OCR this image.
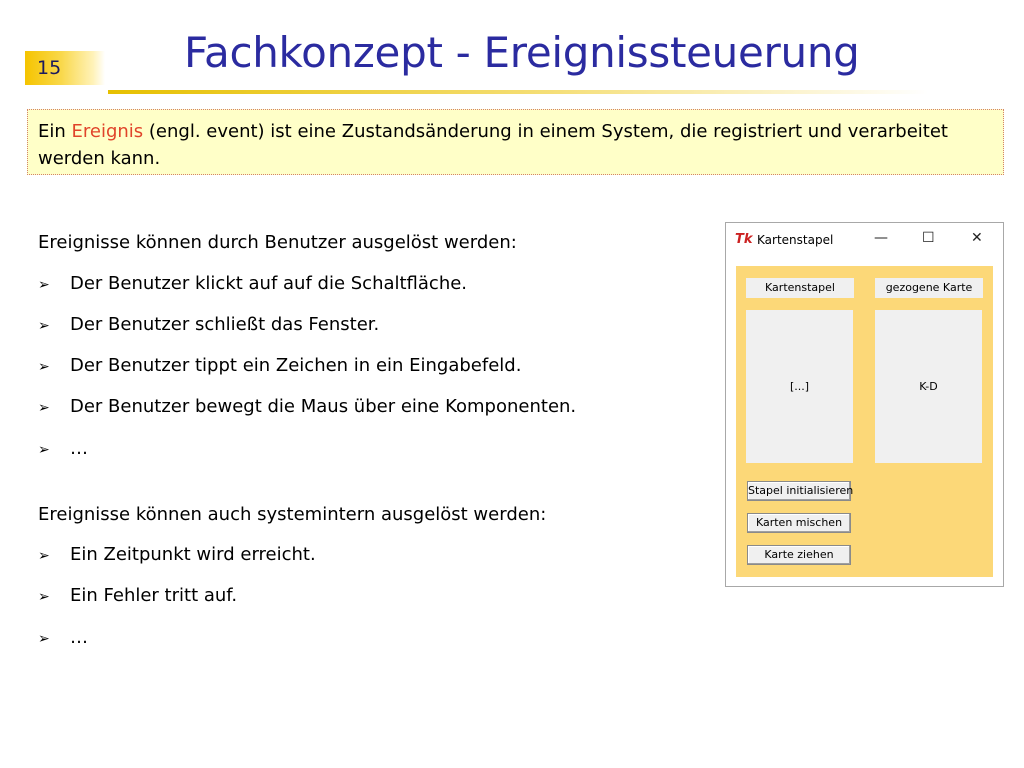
15	Fachkonzept - Ereignissteuerung
Ein Ereignis (engl. event) ist eine Zustandsänderung in einem System, die registriert und verarbeitet werden kann.
Ereignisse können durch Benutzer ausgelöst werden:
➢ Der Benutzer klickt auf auf die Schaltfläche.
➢ Der Benutzer schließt das Fenster.
➢ Der Benutzer tippt ein Zeichen in ein Eingabefeld.
➢ Der Benutzer bewegt die Maus über eine Komponenten.
➢ …
Ereignisse können auch systemintern ausgelöst werden:
➢ Ein Zeitpunkt wird erreicht.
➢ Ein Fehler tritt auf.
➢ …
Tk Kartenstapel	— ☐	✕
Kartenstapel	gezogene Karte
[...]	K-D
Stapel initialisieren
Karten mischen
Karte ziehen
